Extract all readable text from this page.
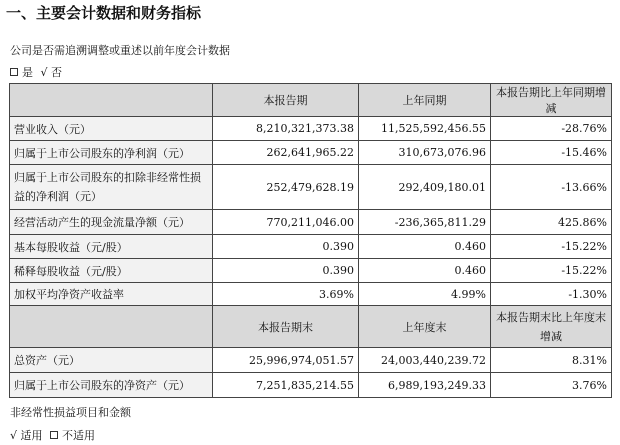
一、主要会计数据和财务指标
公司是否需追溯调整或重述以前年度会计数据
是 √ 否
	本报告期	上年同期	本报告期比上年同期增减
营业收入（元）	8,210,321,373.38	11,525,592,456.55	-28.76%
归属于上市公司股东的净利润（元）	262,641,965.22	310,673,076.96	-15.46%
归属于上市公司股东的扣除非经常性损益的净利润（元）	252,479,628.19	292,409,180.01	-13.66%
经营活动产生的现金流量净额（元）	770,211,046.00	-236,365,811.29	425.86%
基本每股收益（元/股）	0.390	0.460	-15.22%
稀释每股收益（元/股）	0.390	0.460	-15.22%
加权平均净资产收益率	3.69%	4.99%	-1.30%
	本报告期末	上年度末	本报告期末比上年度末增减
总资产（元）	25,996,974,051.57	24,003,440,239.72	8.31%
归属于上市公司股东的净资产（元）	7,251,835,214.55	6,989,193,249.33	3.76%
非经常性损益项目和金额
√ 适用 不适用
